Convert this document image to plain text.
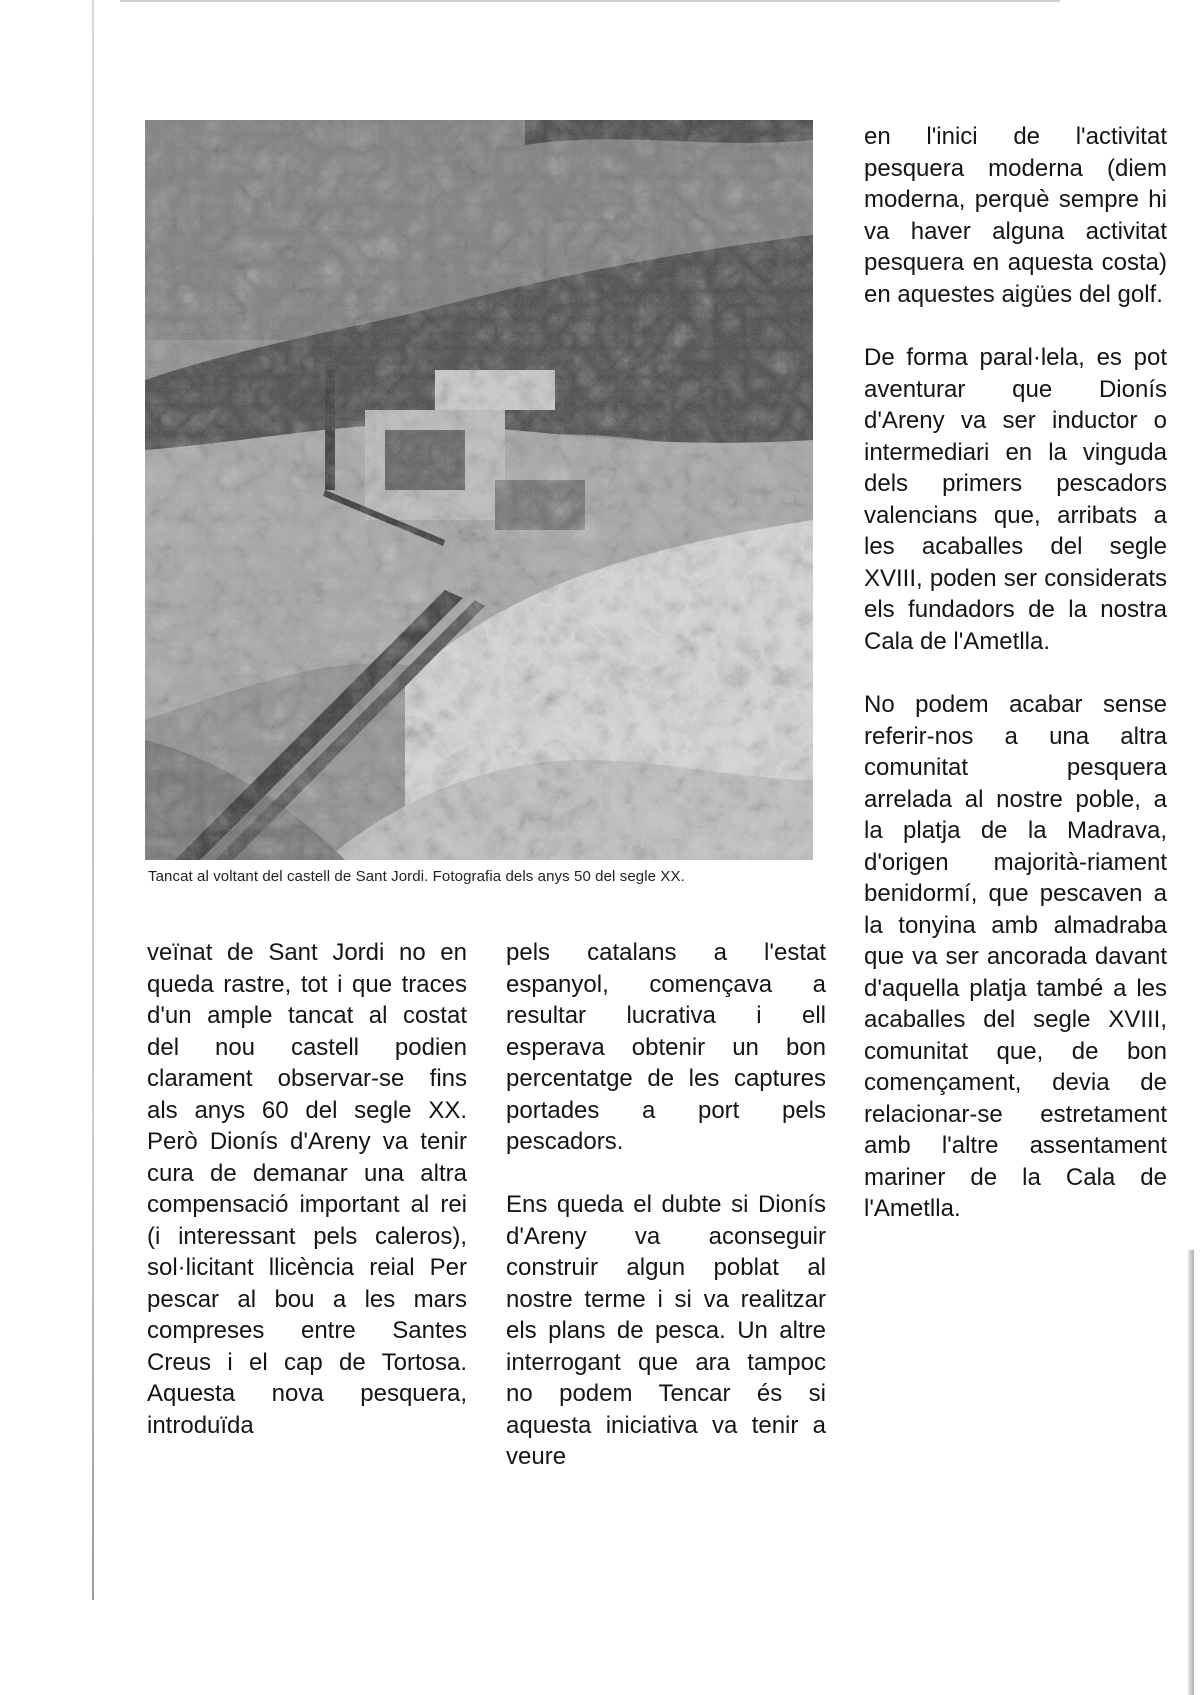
Tancat al voltant del castell de Sant Jordi. Fotografia dels anys 50 del segle XX.

veïnat de Sant Jordi no en queda rastre, tot i que traces d'un ample tancat al costat del nou castell podien clarament observar-se fins als anys 60 del segle XX. Però Dionís d'Areny va tenir cura de demanar una altra compensació important al rei (i interessant pels caleros), sol·licitant llicència reial Per pescar al bou a les mars compreses entre Santes Creus i el cap de Tortosa. Aquesta nova pesquera, introduïda

pels catalans a l'estat espanyol, començava a resultar lucrativa i ell esperava obtenir un bon percentatge de les captures portades a port pels pescadors.

Ens queda el dubte si Dionís d'Areny va aconseguir construir algun poblat al nostre terme i si va realitzar els plans de pesca. Un altre interrogant que ara tampoc no podem Tencar és si aquesta iniciativa va tenir a veure

en l'inici de l'activitat pesquera moderna (diem moderna, perquè sempre hi va haver alguna activitat pesquera en aquesta costa) en aquestes aigües del golf.

De forma paral·lela, es pot aventurar que Dionís d'Areny va ser inductor o intermediari en la vinguda dels primers pescadors valencians que, arribats a les acaballes del segle XVIII, poden ser considerats els fundadors de la nostra Cala de l'Ametlla.

No podem acabar sense referir-nos a una altra comunitat pesquera arrelada al nostre poble, a la platja de la Madrava, d'origen majorità-riament benidormí, que pescaven a la tonyina amb almadraba que va ser ancorada davant d'aquella platja també a les acaballes del segle XVIII, comunitat que, de bon començament, devia de relacionar-se estretament amb l'altre assentament mariner de la Cala de l'Ametlla.
